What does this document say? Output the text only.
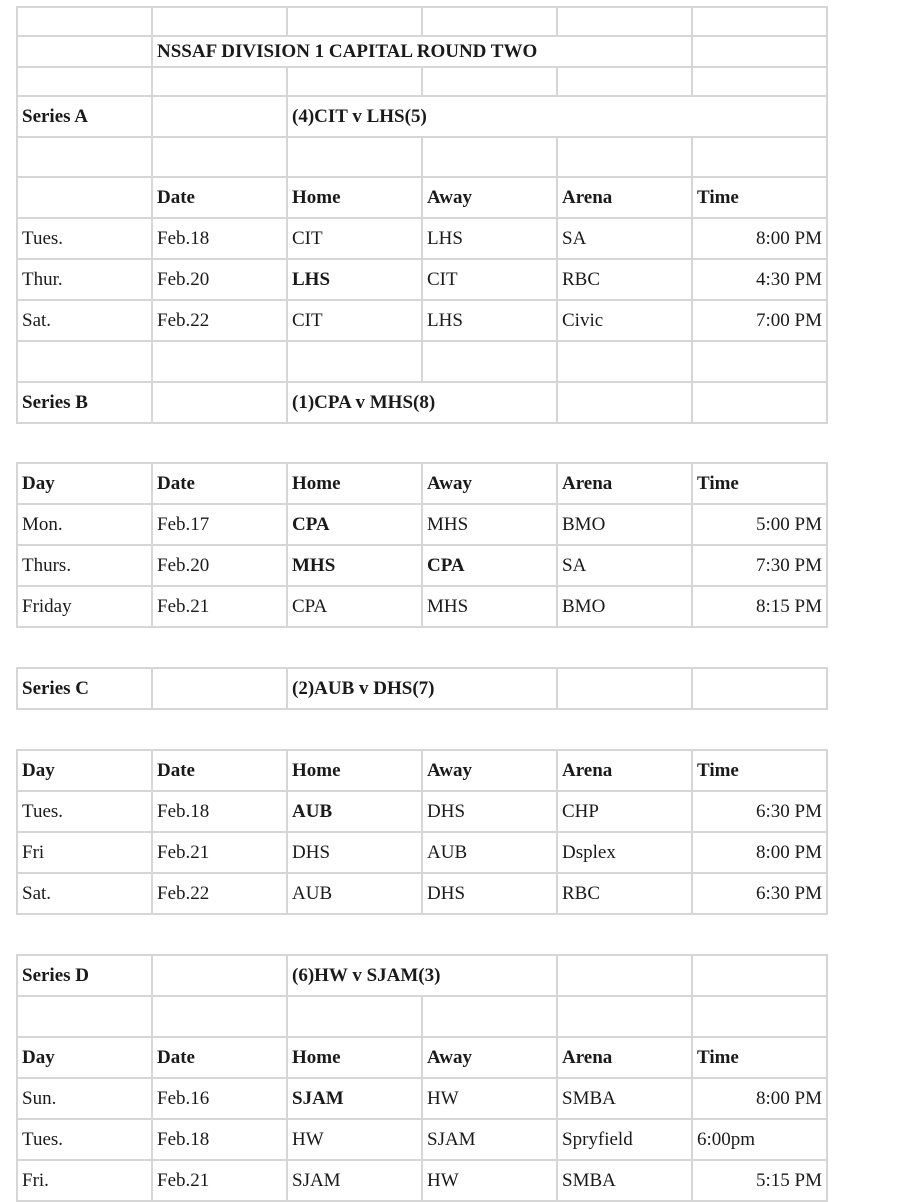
	NSSAF DIVISION 1 CAPITAL ROUND TWO				

Series A		(4)CIT v LHS(5)			

	Date	Home	Away	Arena	Time
Tues.	Feb.18	CIT	LHS	SA	8:00 PM
Thur.	Feb.20	LHS	CIT	RBC	4:30 PM
Sat.	Feb.22	CIT	LHS	Civic	7:00 PM

Series B		(1)CPA v MHS(8)			
Day	Date	Home	Away	Arena	Time
Mon.	Feb.17	CPA	MHS	BMO	5:00 PM
Thurs.	Feb.20	MHS	CPA	SA	7:30 PM
Friday	Feb.21	CPA	MHS	BMO	8:15 PM
Series C		(2)AUB v DHS(7)		
Day	Date	Home	Away	Arena	Time
Tues.	Feb.18	AUB	DHS	CHP	6:30 PM
Fri	Feb.21	DHS	AUB	Dsplex	8:00 PM
Sat.	Feb.22	AUB	DHS	RBC	6:30 PM
Series D		(6)HW v SJAM(3)			

Day	Date	Home	Away	Arena	Time
Sun.	Feb.16	SJAM	HW	SMBA	8:00 PM
Tues.	Feb.18	HW	SJAM	Spryfield	6:00pm
Fri.	Feb.21	SJAM	HW	SMBA	5:15 PM
